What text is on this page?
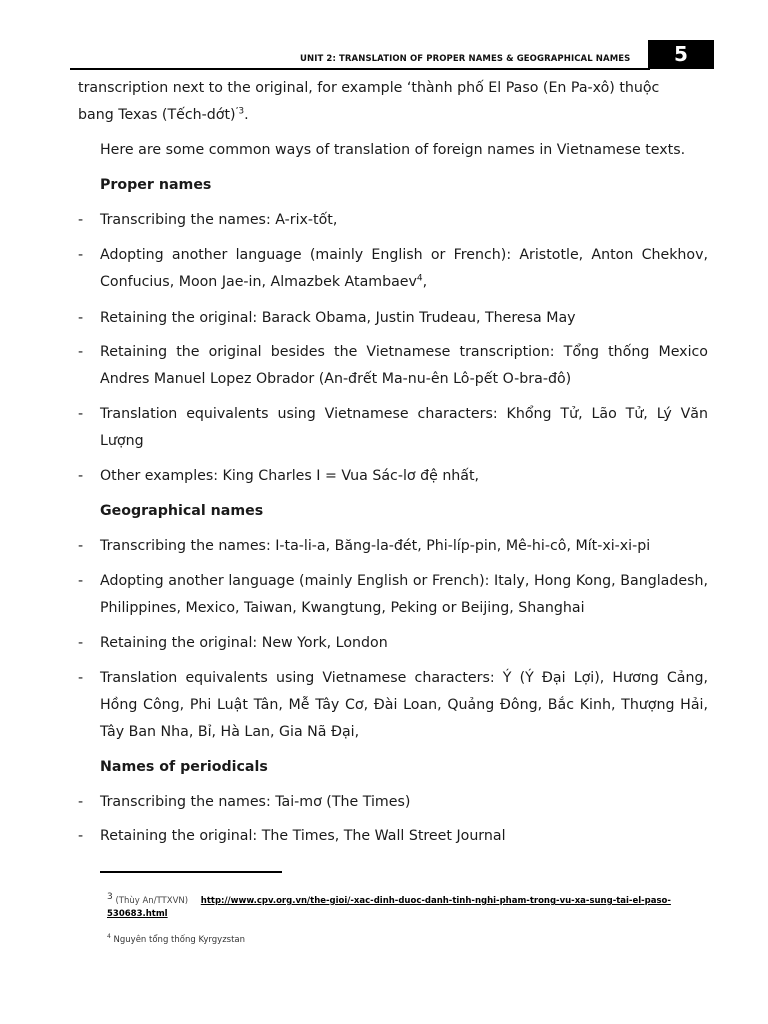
UNIT 2: TRANSLATION OF PROPER NAMES & GEOGRAPHICAL NAMES	5
transcription next to the original, for example ‘thành phố El Paso (En Pa-xô) thuộc
bang Texas (Tếch-dớt)$^{’3}$.
Here are some common ways of translation of foreign names in Vietnamese texts.
Proper names
- Transcribing the names: A-rix-tốt,
- Adopting another language (mainly English or French): Aristotle, Anton Chekhov, Confucius, Moon Jae-in, Almazbek Atambaev$^4$,
- Retaining the original: Barack Obama, Justin Trudeau, Theresa May
- Retaining the original besides the Vietnamese transcription: Tổng thống Mexico Andres Manuel Lopez Obrador (An-đrết Ma-nu-ên Lô-pết O-bra-đô)
- Translation equivalents using Vietnamese characters: Khổng Tử, Lão Tử, Lý Văn Lượng
- Other examples: King Charles I = Vua Sác-lơ đệ nhất,
Geographical names
- Transcribing the names: I-ta-li-a, Băng-la-đét, Phi-líp-pin, Mê-hi-cô, Mít-xi-xi-pi
- Adopting another language (mainly English or French): Italy, Hong Kong, Bangladesh, Philippines, Mexico, Taiwan, Kwangtung, Peking or Beijing, Shanghai
- Retaining the original: New York, London
- Translation equivalents using Vietnamese characters: Ý (Ý Đại Lợi), Hương Cảng, Hồng Công, Phi Luật Tân, Mễ Tây Cơ, Đài Loan, Quảng Đông, Bắc Kinh, Thượng Hải, Tây Ban Nha, Bỉ, Hà Lan, Gia Nã Đại,
Names of periodicals
- Transcribing the names: Tai-mơ (The Times)
- Retaining the original: The Times, The Wall Street Journal
$^3$ (Thùy An/TTXVN) http://www.cpv.org.vn/the-gioi/-xac-dinh-duoc-danh-tinh-nghi-pham-trong-vu-xa-sung-tai-el-paso-530683.html
$^4$ Nguyên tổng thống Kyrgyzstan
